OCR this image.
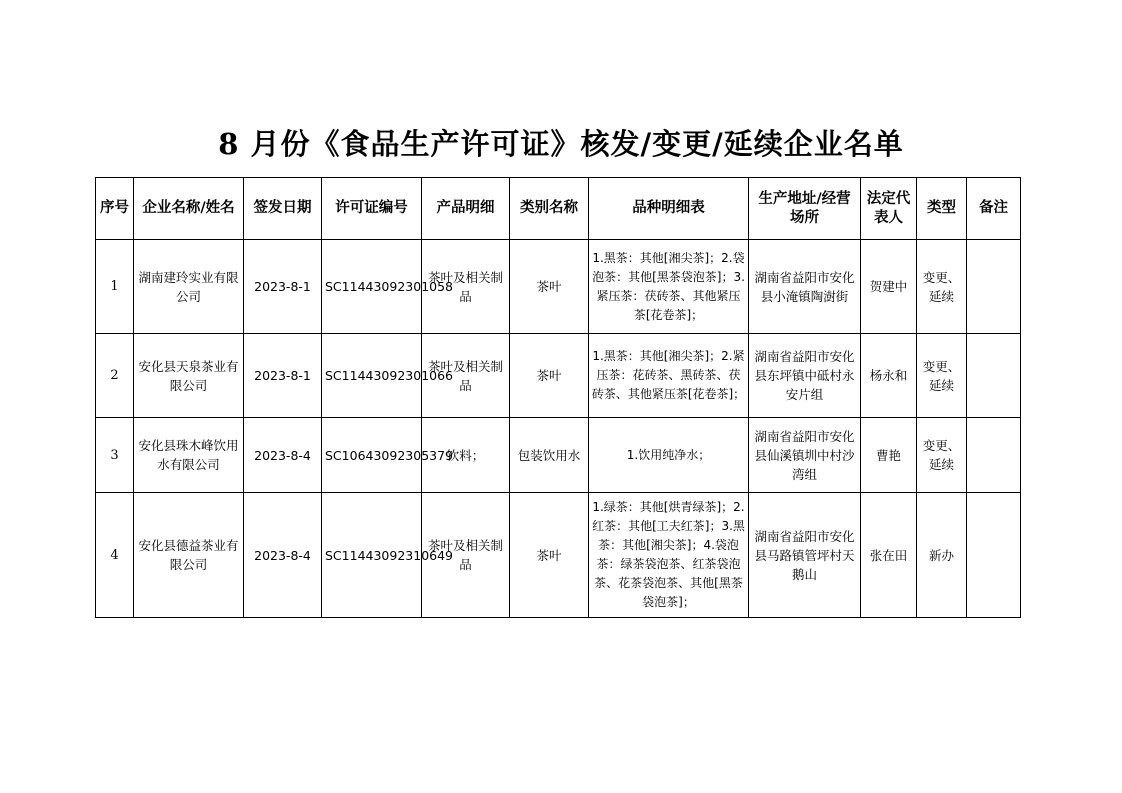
8 月份《食品生产许可证》核发/变更/延续企业名单
序号	企业名称/姓名	签发日期	许可证编号	产品明细	类别名称	品种明细表	生产地址/经营场所	法定代表人	类型	备注
1	湖南建玲实业有限公司	2023-8-1	SC11443092301058	茶叶及相关制品	茶叶	1.黑茶：其他[湘尖茶]；2.袋泡茶：其他[黑茶袋泡茶]；3.紧压茶：茯砖茶、其他紧压茶[花卷茶]；	湖南省益阳市安化县小淹镇陶澍街	贺建中	变更、延续	
2	安化县天泉茶业有限公司	2023-8-1	SC11443092301066	茶叶及相关制品	茶叶	1.黑茶：其他[湘尖茶]；2.紧压茶：花砖茶、黑砖茶、茯砖茶、其他紧压茶[花卷茶]；	湖南省益阳市安化县东坪镇中砥村永安片组	杨永和	变更、延续	
3	安化县珠木峰饮用水有限公司	2023-8-4	SC10643092305379	饮料；	包装饮用水	1.饮用纯净水；	湖南省益阳市安化县仙溪镇圳中村沙湾组	曹艳	变更、延续	
4	安化县德益茶业有限公司	2023-8-4	SC11443092310649	茶叶及相关制品	茶叶	1.绿茶：其他[烘青绿茶]；2.红茶：其他[工夫红茶]；3.黑茶：其他[湘尖茶]；4.袋泡茶：绿茶袋泡茶、红茶袋泡茶、花茶袋泡茶、其他[黑茶袋泡茶]；	湖南省益阳市安化县马路镇管坪村天鹅山	张在田	新办	
